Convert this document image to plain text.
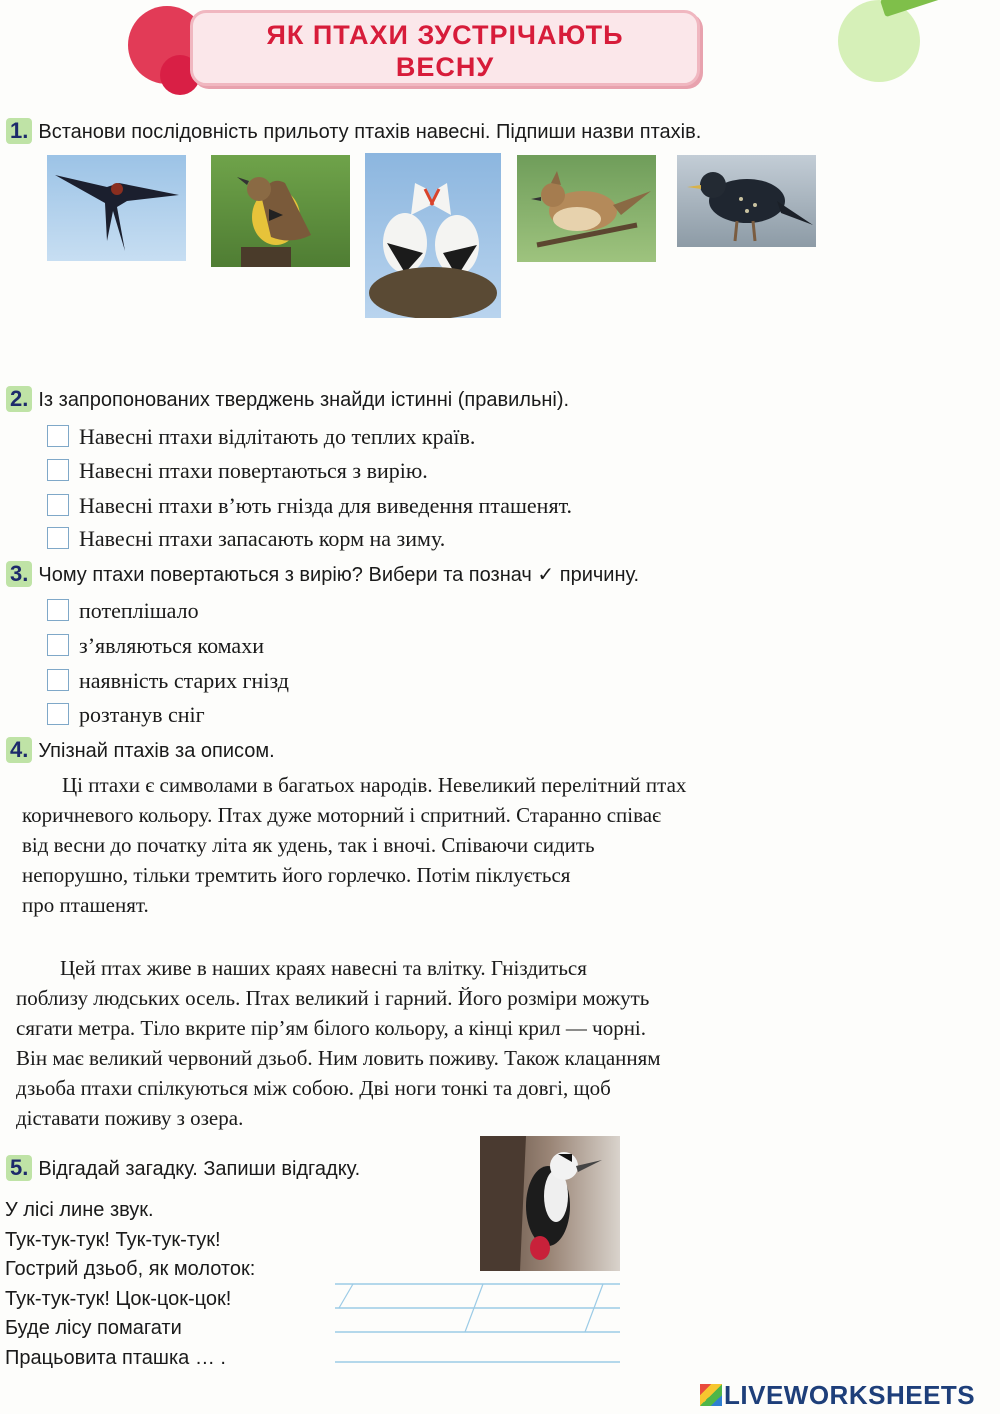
ЯК ПТАХИ ЗУСТРІЧАЮТЬ
ВЕСНУ
1. Встанови послідовність прильоту птахів навесні. Підпиши назви птахів.
2. Із запропонованих тверджень знайди істинні (правильні).
Навесні птахи відлітають до теплих країв.
Навесні птахи повертаються з вирію.
Навесні птахи в’ють гнізда для виведення пташенят.
Навесні птахи запасають корм на зиму.
3. Чому птахи повертаються з вирію? Вибери та познач ✓ причину.
потеплішало
з’являються комахи
наявність старих гнізд
розтанув сніг
4. Упізнай птахів за описом.

Ці птахи є символами в багатьох народів. Невеликий перелітний птах

коричневого кольору. Птах дуже моторний і спритний. Старанно співає

від весни до початку літа як удень, так і вночі. Співаючи сидить

непорушно, тільки тремтить його горлечко. Потім піклується

про пташенят.

Цей птах живе в наших краях навесні та влітку. Гніздиться

поблизу людських осель. Птах великий і гарний. Його розміри можуть

сягати метра. Тіло вкрите пір’ям білого кольору, а кінці крил — чорні.

Він має великий червоний дзьоб. Ним ловить поживу. Також клацанням

дзьоба птахи спілкуються між собою. Дві ноги тонкі та довгі, щоб

діставати поживу з озера.

5. Відгадай загадку. Запиши відгадку.

У лісі лине звук.

Тук-тук-тук! Тук-тук-тук!

Гострий дзьоб, як молоток:

Тук-тук-тук! Цок-цок-цок!

Буде лісу помагати

Працьовита пташка … .

LIVEWORKSHEETS
